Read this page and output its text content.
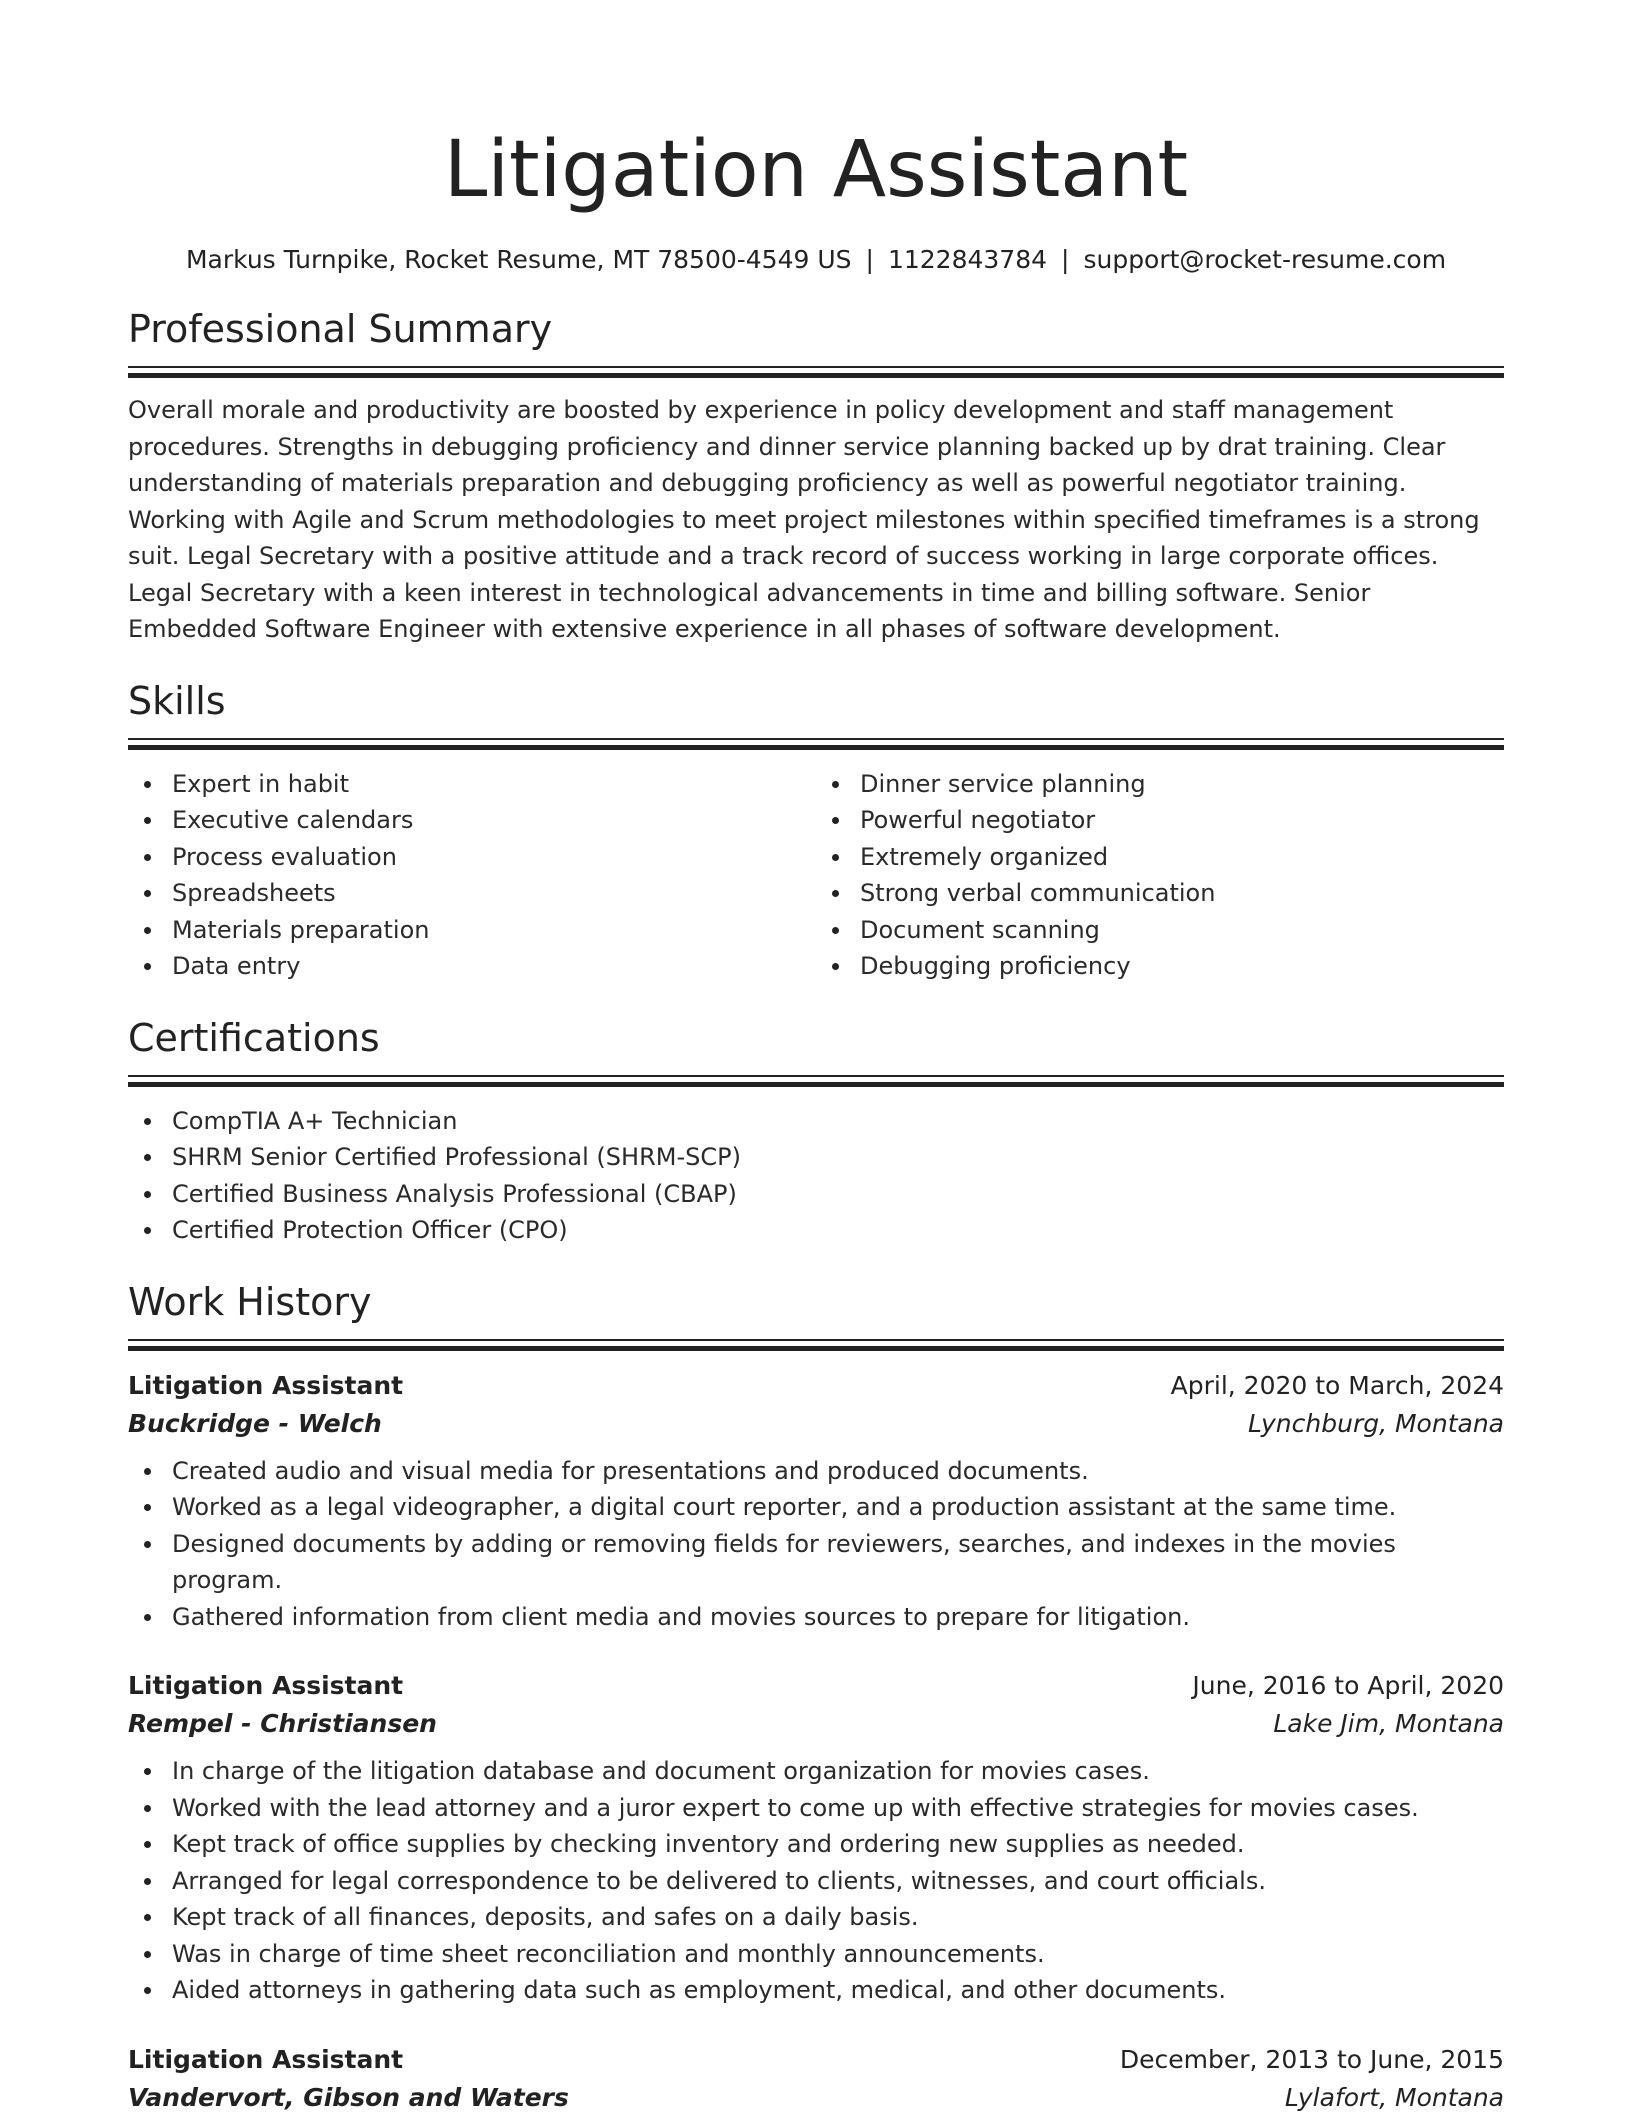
Litigation Assistant
Markus Turnpike, Rocket Resume, MT 78500-4549 US | 1122843784 | support@rocket-resume.com
Professional Summary

Overall morale and productivity are boosted by experience in policy development and staff management procedures. Strengths in debugging proficiency and dinner service planning backed up by drat training. Clear understanding of materials preparation and debugging proficiency as well as powerful negotiator training. Working with Agile and Scrum methodologies to meet project milestones within specified timeframes is a strong suit. Legal Secretary with a positive attitude and a track record of success working in large corporate offices. Legal Secretary with a keen interest in technological advancements in time and billing software. Senior Embedded Software Engineer with extensive experience in all phases of software development.

Skills
Expert in habit
Executive calendars
Process evaluation
Spreadsheets
Materials preparation
Data entry
Dinner service planning
Powerful negotiator
Extremely organized
Strong verbal communication
Document scanning
Debugging proficiency
Certifications
CompTIA A+ Technician
SHRM Senior Certified Professional (SHRM-SCP)
Certified Business Analysis Professional (CBAP)
Certified Protection Officer (CPO)
Work History
Litigation Assistant	April, 2020 to March, 2024
Buckridge - Welch	Lynchburg, Montana
Created audio and visual media for presentations and produced documents.
Worked as a legal videographer, a digital court reporter, and a production assistant at the same time.
Designed documents by adding or removing fields for reviewers, searches, and indexes in the movies program.
Gathered information from client media and movies sources to prepare for litigation.
Litigation Assistant	June, 2016 to April, 2020
Rempel - Christiansen	Lake Jim, Montana
In charge of the litigation database and document organization for movies cases.
Worked with the lead attorney and a juror expert to come up with effective strategies for movies cases.
Kept track of office supplies by checking inventory and ordering new supplies as needed.
Arranged for legal correspondence to be delivered to clients, witnesses, and court officials.
Kept track of all finances, deposits, and safes on a daily basis.
Was in charge of time sheet reconciliation and monthly announcements.
Aided attorneys in gathering data such as employment, medical, and other documents.
Litigation Assistant	December, 2013 to June, 2015
Vandervort, Gibson and Waters	Lylafort, Montana
